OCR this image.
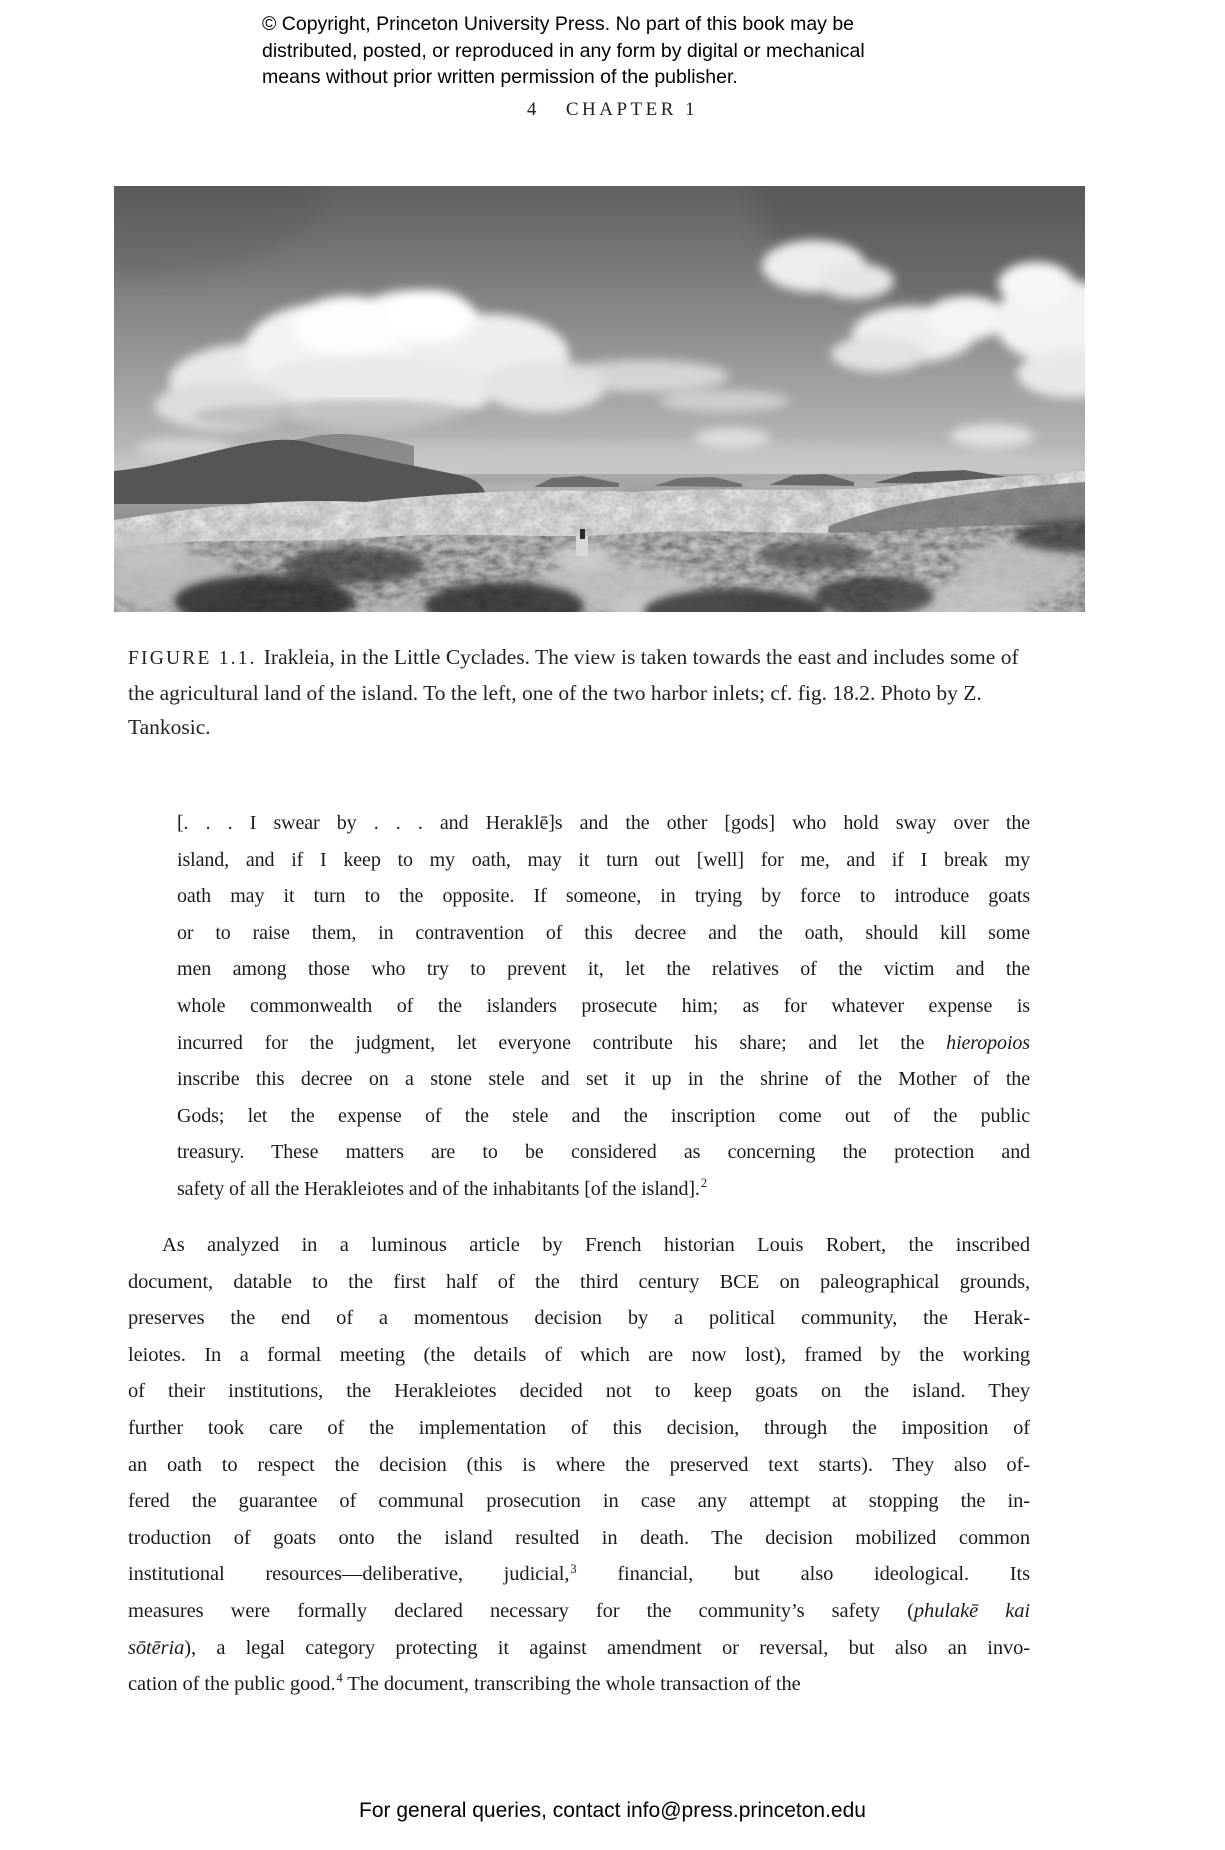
© Copyright, Princeton University Press. No part of this book may be
distributed, posted, or reproduced in any form by digital or mechanical
means without prior written permission of the publisher.
4 CHAPTER 1

FIGURE 1.1. Irakleia, in the Little Cyclades. The view is taken towards the east and includes some of the agricultural land of the island. To the left, one of the two harbor inlets; cf. fig. 18.2. Photo by Z. Tankosic.

[. . . I swear by . . . and Heraklē]s and the other [gods] who hold sway over the
island, and if I keep to my oath, may it turn out [well] for me, and if I break my
oath may it turn to the opposite. If someone, in trying by force to introduce goats
or to raise them, in contravention of this decree and the oath, should kill some
men among those who try to prevent it, let the relatives of the victim and the
whole commonwealth of the islanders prosecute him; as for whatever expense is
incurred for the judgment, let everyone contribute his share; and let the hieropoios
inscribe this decree on a stone stele and set it up in the shrine of the Mother of the
Gods; let the expense of the stele and the inscription come out of the public
treasury. These matters are to be considered as concerning the protection and
safety of all the Herakleiotes and of the inhabitants [of the island].$^2$
As analyzed in a luminous article by French historian Louis Robert, the inscribed
document, datable to the first half of the third century BCE on paleographical grounds,
preserves the end of a momentous decision by a political community, the Herak-
leiotes. In a formal meeting (the details of which are now lost), framed by the working
of their institutions, the Herakleiotes decided not to keep goats on the island. They
further took care of the implementation of this decision, through the imposition of
an oath to respect the decision (this is where the preserved text starts). They also of-
fered the guarantee of communal prosecution in case any attempt at stopping the in-
troduction of goats onto the island resulted in death. The decision mobilized common
institutional resources—deliberative, judicial,$^3$ financial, but also ideological. Its
measures were formally declared necessary for the community’s safety (phulakē kai
sōtēria), a legal category protecting it against amendment or reversal, but also an invo-
cation of the public good.$^4$ The document, transcribing the whole transaction of the
For general queries, contact info@press.princeton.edu
